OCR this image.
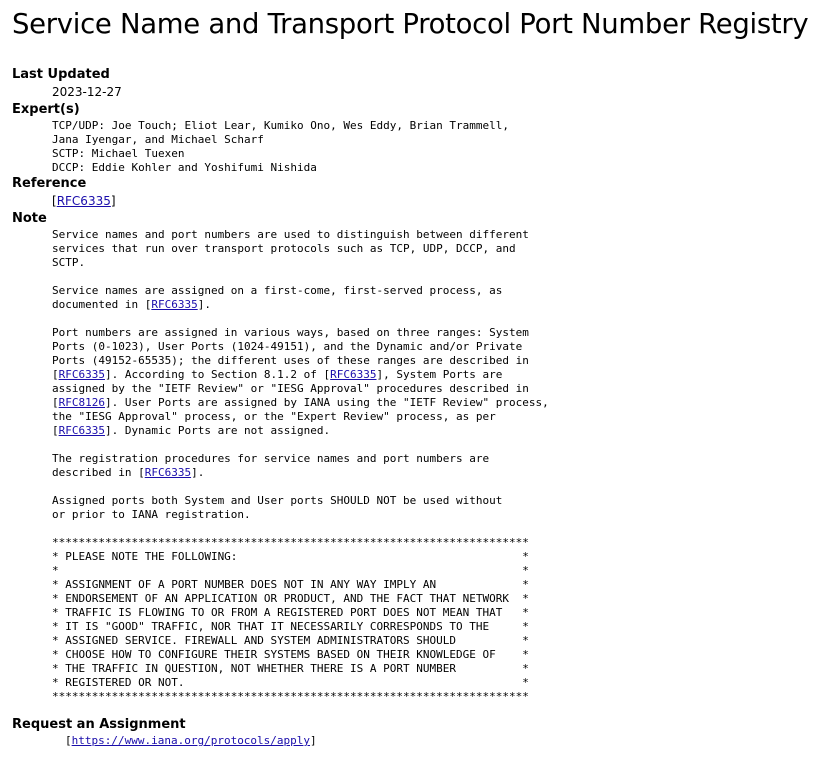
Service Name and Transport Protocol Port Number Registry
Last Updated
2023-12-27
Expert(s)
TCP/UDP: Joe Touch; Eliot Lear, Kumiko Ono, Wes Eddy, Brian Trammell,
Jana Iyengar, and Michael Scharf
SCTP: Michael Tuexen
DCCP: Eddie Kohler and Yoshifumi Nishida
Reference
[RFC6335]
Note
Service names and port numbers are used to distinguish between different
services that run over transport protocols such as TCP, UDP, DCCP, and
SCTP.
Service names are assigned on a first-come, first-served process, as
documented in [RFC6335].
Port numbers are assigned in various ways, based on three ranges: System
Ports (0-1023), User Ports (1024-49151), and the Dynamic and/or Private
Ports (49152-65535); the different uses of these ranges are described in
[RFC6335]. According to Section 8.1.2 of [RFC6335], System Ports are
assigned by the "IETF Review" or "IESG Approval" procedures described in
[RFC8126]. User Ports are assigned by IANA using the "IETF Review" process,
the "IESG Approval" process, or the "Expert Review" process, as per
[RFC6335]. Dynamic Ports are not assigned.
The registration procedures for service names and port numbers are
described in [RFC6335].
Assigned ports both System and User ports SHOULD NOT be used without
or prior to IANA registration.
************************************************************************
* PLEASE NOTE THE FOLLOWING:                                           *
*                                                                      *
* ASSIGNMENT OF A PORT NUMBER DOES NOT IN ANY WAY IMPLY AN             *
* ENDORSEMENT OF AN APPLICATION OR PRODUCT, AND THE FACT THAT NETWORK  *
* TRAFFIC IS FLOWING TO OR FROM A REGISTERED PORT DOES NOT MEAN THAT   *
* IT IS "GOOD" TRAFFIC, NOR THAT IT NECESSARILY CORRESPONDS TO THE     *
* ASSIGNED SERVICE. FIREWALL AND SYSTEM ADMINISTRATORS SHOULD          *
* CHOOSE HOW TO CONFIGURE THEIR SYSTEMS BASED ON THEIR KNOWLEDGE OF    *
* THE TRAFFIC IN QUESTION, NOT WHETHER THERE IS A PORT NUMBER          *
* REGISTERED OR NOT.                                                   *
************************************************************************
Request an Assignment
[https://www.iana.org/protocols/apply]
